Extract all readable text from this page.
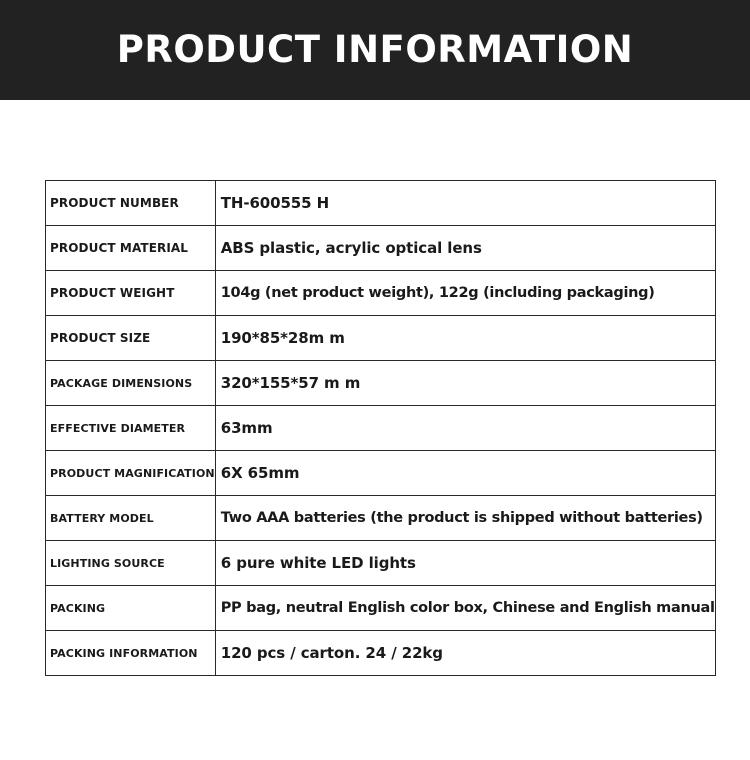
PRODUCT INFORMATION
PRODUCT NUMBER	TH-600555 H
PRODUCT MATERIAL	ABS plastic, acrylic optical lens
PRODUCT WEIGHT	104g (net product weight), 122g (including packaging)
PRODUCT SIZE	190*85*28m m
PACKAGE DIMENSIONS	320*155*57 m m
EFFECTIVE DIAMETER	63mm
PRODUCT MAGNIFICATION	6X 65mm
BATTERY MODEL	Two AAA batteries (the product is shipped without batteries)
LIGHTING SOURCE	6 pure white LED lights
PACKING	PP bag, neutral English color box, Chinese and English manual
PACKING INFORMATION	120 pcs / carton. 24 / 22kg
